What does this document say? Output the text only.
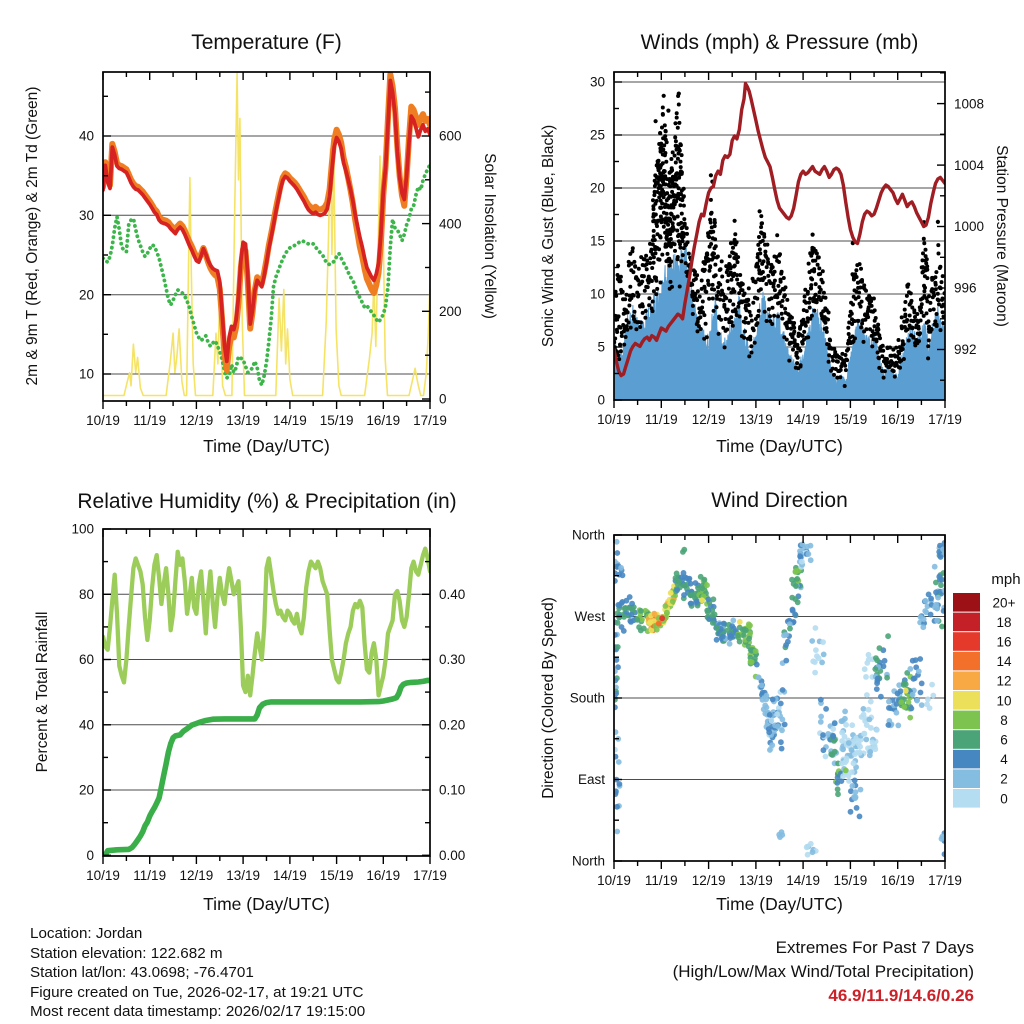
10/19 11/19 12/19 13/19 14/19 15/19 16/19 17/19
10
20
30
40
0
200
400
600
10/19 11/19 12/19 13/19 14/19 15/19 16/19 17/19
0
5
10
15
20
25
30
992
996
1000
1004
1008
10/19 11/19 12/19 13/19 14/19 15/19 16/19 17/19
0
20
40
60
80
100
0.00
0.10
0.20
0.30
0.40
10/19 11/19 12/19 13/19 14/19 15/19 16/19 17/19
North
West
South
East
North
mph
20+
18
16
14
12
10
8
6
4
2
0
Temperature (F)	Winds (mph) & Pressure (mb)
Relative Humidity (%) & Precipitation (in)	Wind Direction
Time (Day/UTC)	Time (Day/UTC)
Time (Day/UTC)	Time (Day/UTC)
2m & 9m T (Red, Orange) & 2m Td (Green)	Solar Insolation (Yellow)	Sonic Wind & Gust (Blue, Black)	Station Pressure (Maroon)
Percent & Total Rainfall	Direction (Colored By Speed)
Location: Jordan
Station elevation: 122.682 m
Station lat/lon: 43.0698; -76.4701
Figure created on Tue, 2026-02-17, at 19:21 UTC
Most recent data timestamp: 2026/02/17 19:15:00
Extremes For Past 7 Days
(High/Low/Max Wind/Total Precipitation)
46.9/11.9/14.6/0.26
